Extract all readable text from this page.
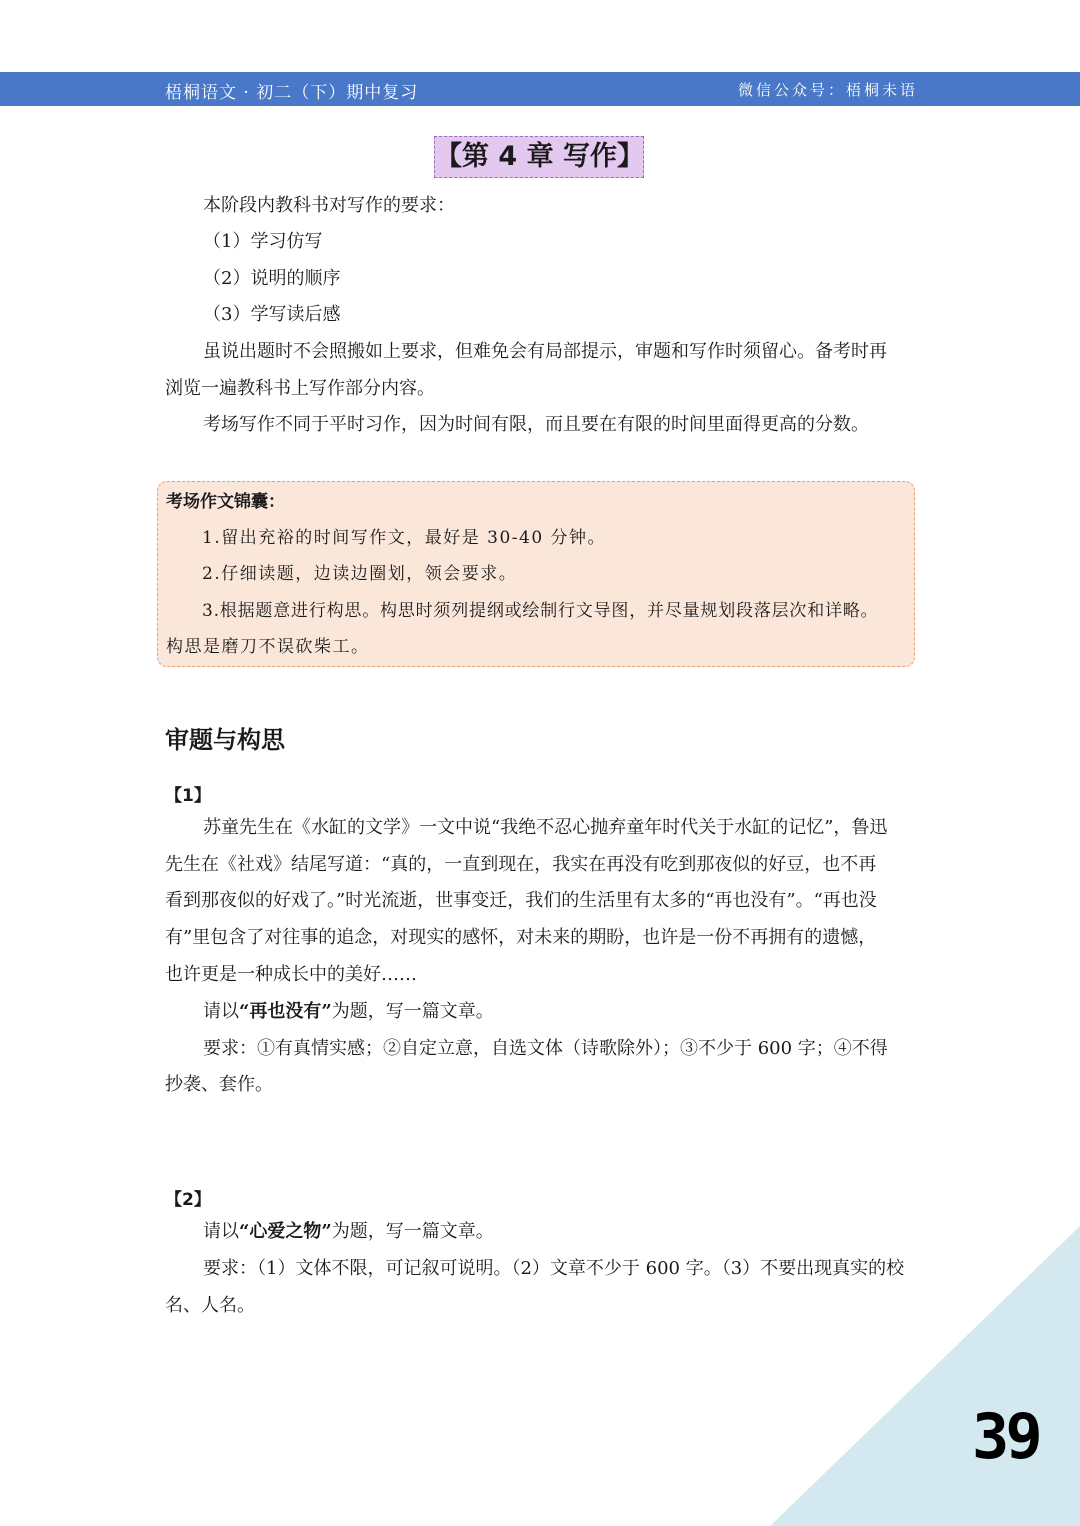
梧桐语文 · 初二（下）期中复习	微信公众号：梧桐未语
【第 4 章 写作】

本阶段内教科书对写作的要求：

（1）学习仿写

（2）说明的顺序

（3）学写读后感

虽说出题时不会照搬如上要求，但难免会有局部提示，审题和写作时须留心。备考时再

浏览一遍教科书上写作部分内容。

考场写作不同于平时习作，因为时间有限，而且要在有限的时间里面得更高的分数。

考场作文锦囊：
1.留出充裕的时间写作文，最好是 30-40 分钟。
2.仔细读题，边读边圈划，领会要求。
3.根据题意进行构思。构思时须列提纲或绘制行文导图，并尽量规划段落层次和详略。
构思是磨刀不误砍柴工。
审题与构思
【1】

苏童先生在《水缸的文学》一文中说“我绝不忍心抛弃童年时代关于水缸的记忆”，鲁迅

先生在《社戏》结尾写道：“真的，一直到现在，我实在再没有吃到那夜似的好豆，也不再

看到那夜似的好戏了。”时光流逝，世事变迁，我们的生活里有太多的“再也没有”。“再也没

有”里包含了对往事的追念，对现实的感怀，对未来的期盼，也许是一份不再拥有的遗憾，

也许更是一种成长中的美好……

请以“再也没有”为题，写一篇文章。

要求：①有真情实感；②自定立意，自选文体（诗歌除外）；③不少于 600 字；④不得

抄袭、套作。

【2】

请以“心爱之物”为题，写一篇文章。

要求：（1）文体不限，可记叙可说明。（2）文章不少于 600 字。（3）不要出现真实的校

名、人名。

39
